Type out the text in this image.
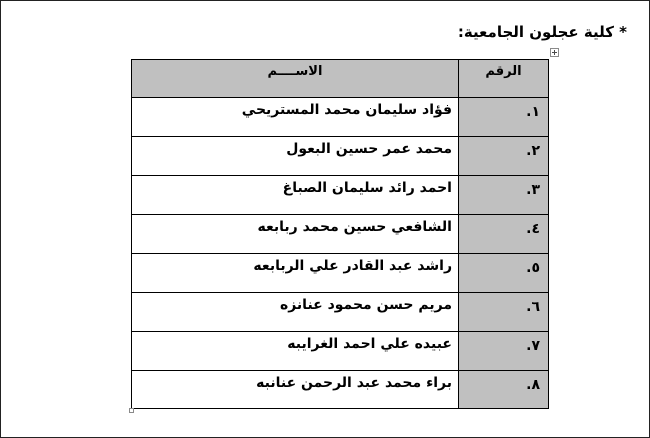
* كلية عجلون الجامعية:
الرقم	الاســــم
١.	فؤاد سليمان محمد المستريحي
٢.	محمد عمر حسين البعول
٣.	احمد رائد سليمان الصباغ
٤.	الشافعي حسين محمد ربابعه
٥.	راشد عبد القادر علي الربابعه
٦.	مريم حسن محمود عنانزه
٧.	عبيده علي احمد الغرايبه
٨.	براء محمد عبد الرحمن عنانبه
